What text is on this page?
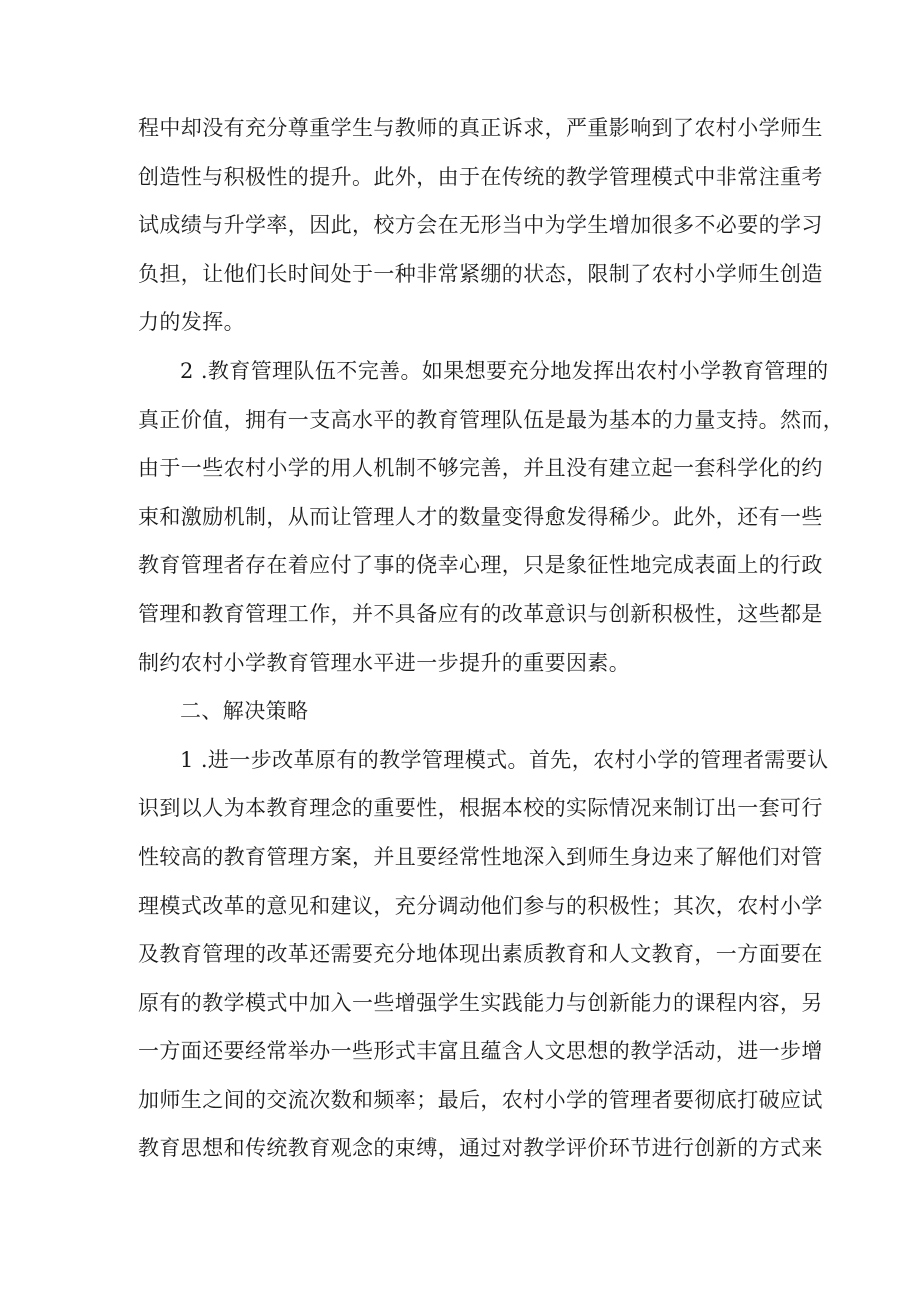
程中却没有充分尊重学生与教师的真正诉求，严重影响到了农村小学师生
创造性与积极性的提升。此外，由于在传统的教学管理模式中非常注重考
试成绩与升学率，因此，校方会在无形当中为学生增加很多不必要的学习
负担，让他们长时间处于一种非常紧绷的状态，限制了农村小学师生创造
力的发挥。
2 .教育管理队伍不完善。如果想要充分地发挥出农村小学教育管理的
真正价值，拥有一支高水平的教育管理队伍是最为基本的力量支持。然而，
由于一些农村小学的用人机制不够完善，并且没有建立起一套科学化的约
束和激励机制，从而让管理人才的数量变得愈发得稀少。此外，还有一些
教育管理者存在着应付了事的侥幸心理，只是象征性地完成表面上的行政
管理和教育管理工作，并不具备应有的改革意识与创新积极性，这些都是
制约农村小学教育管理水平进一步提升的重要因素。
二、解决策略
1 .进一步改革原有的教学管理模式。首先，农村小学的管理者需要认
识到以人为本教育理念的重要性，根据本校的实际情况来制订出一套可行
性较高的教育管理方案，并且要经常性地深入到师生身边来了解他们对管
理模式改革的意见和建议，充分调动他们参与的积极性；其次，农村小学
及教育管理的改革还需要充分地体现出素质教育和人文教育，一方面要在
原有的教学模式中加入一些增强学生实践能力与创新能力的课程内容，另
一方面还要经常举办一些形式丰富且蕴含人文思想的教学活动，进一步增
加师生之间的交流次数和频率；最后，农村小学的管理者要彻底打破应试
教育思想和传统教育观念的束缚，通过对教学评价环节进行创新的方式来
